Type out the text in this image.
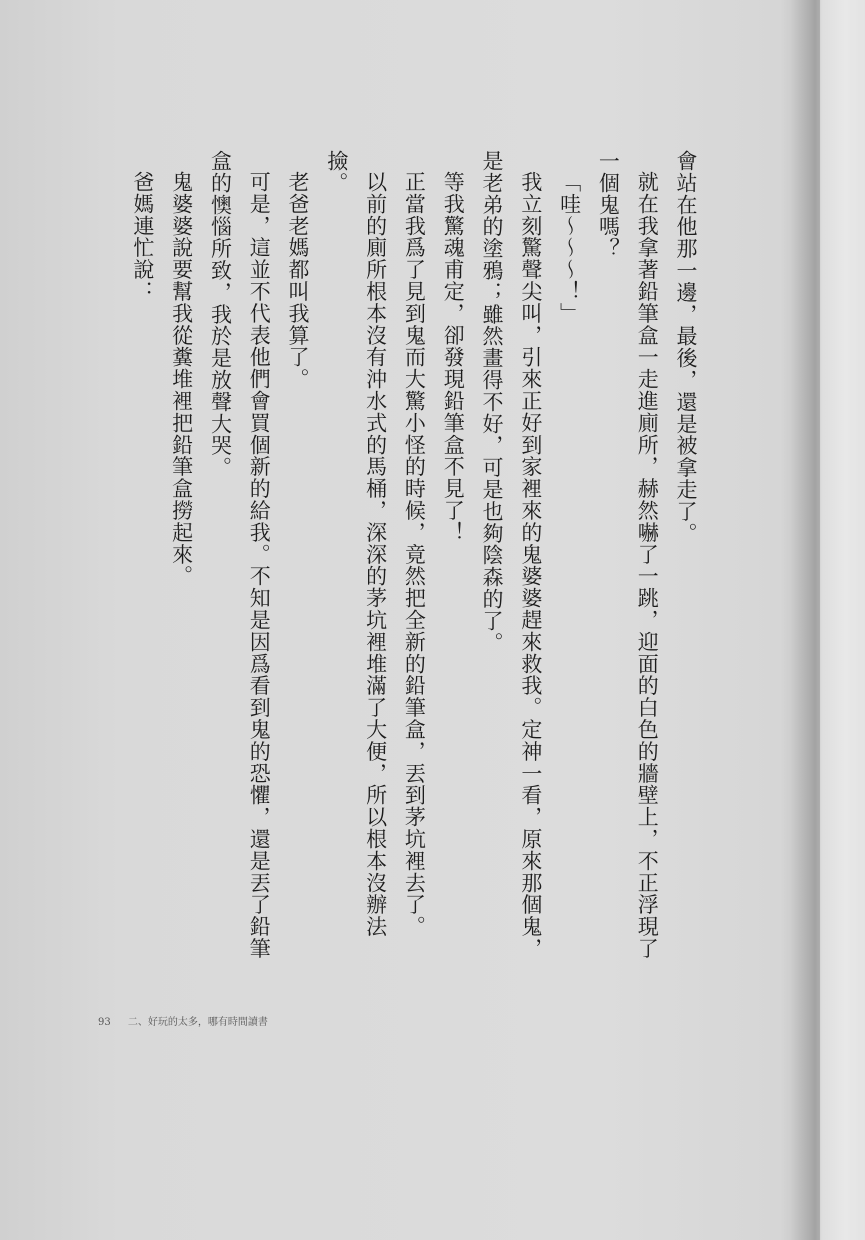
會站在他那一邊，最後，還是被拿走了。

就在我拿著鉛筆盒一走進廁所，赫然嚇了一跳，迎面的白色的牆壁上，不正浮現了一個鬼嗎？

「哇～～～！」

我立刻驚聲尖叫，引來正好到家裡來的鬼婆婆趕來救我。定神一看，原來那個鬼，是老弟的塗鴉；雖然畫得不好，可是也夠陰森的了。

等我驚魂甫定，卻發現鉛筆盒不見了！

正當我爲了見到鬼而大驚小怪的時候，竟然把全新的鉛筆盒，丟到茅坑裡去了。

以前的廁所根本沒有沖水式的馬桶，深深的茅坑裡堆滿了大便，所以根本沒辦法撿。

老爸老媽都叫我算了。

可是，這並不代表他們會買個新的給我。不知是因爲看到鬼的恐懼，還是丟了鉛筆盒的懊惱所致，我於是放聲大哭。

鬼婆婆說要幫我從糞堆裡把鉛筆盒撈起來。

爸媽連忙說：

93 二、好玩的太多，哪有時間讀書
